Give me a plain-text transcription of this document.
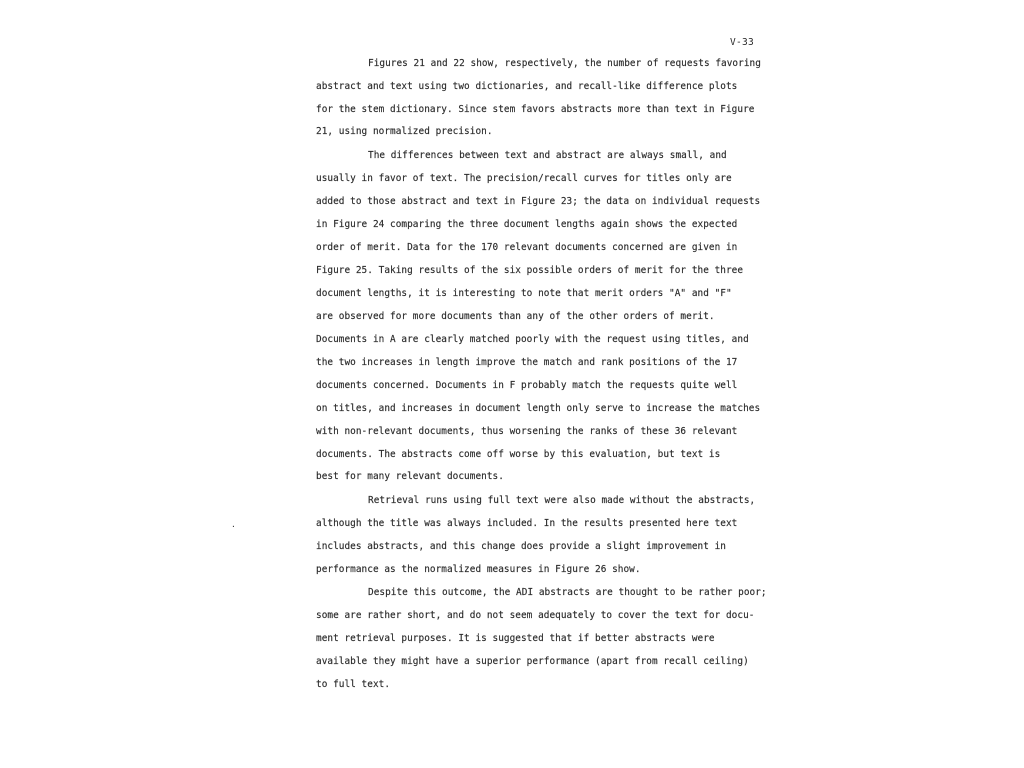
V-33
.
Figures 21 and 22 show, respectively, the number of requests favoring
abstract and text using two dictionaries, and recall-like difference plots
for the stem dictionary. Since stem favors abstracts more than text in Figure
21, using normalized precision.
The differences between text and abstract are always small, and
usually in favor of text. The precision/recall curves for titles only are
added to those abstract and text in Figure 23; the data on individual requests
in Figure 24 comparing the three document lengths again shows the expected
order of merit. Data for the 170 relevant documents concerned are given in
Figure 25. Taking results of the six possible orders of merit for the three
document lengths, it is interesting to note that merit orders "A" and "F"
are observed for more documents than any of the other orders of merit.
Documents in A are clearly matched poorly with the request using titles, and
the two increases in length improve the match and rank positions of the 17
documents concerned. Documents in F probably match the requests quite well
on titles, and increases in document length only serve to increase the matches
with non-relevant documents, thus worsening the ranks of these 36 relevant
documents. The abstracts come off worse by this evaluation, but text is
best for many relevant documents.
Retrieval runs using full text were also made without the abstracts,
although the title was always included. In the results presented here text
includes abstracts, and this change does provide a slight improvement in
performance as the normalized measures in Figure 26 show.
Despite this outcome, the ADI abstracts are thought to be rather poor;
some are rather short, and do not seem adequately to cover the text for docu-
ment retrieval purposes. It is suggested that if better abstracts were
available they might have a superior performance (apart from recall ceiling)
to full text.
